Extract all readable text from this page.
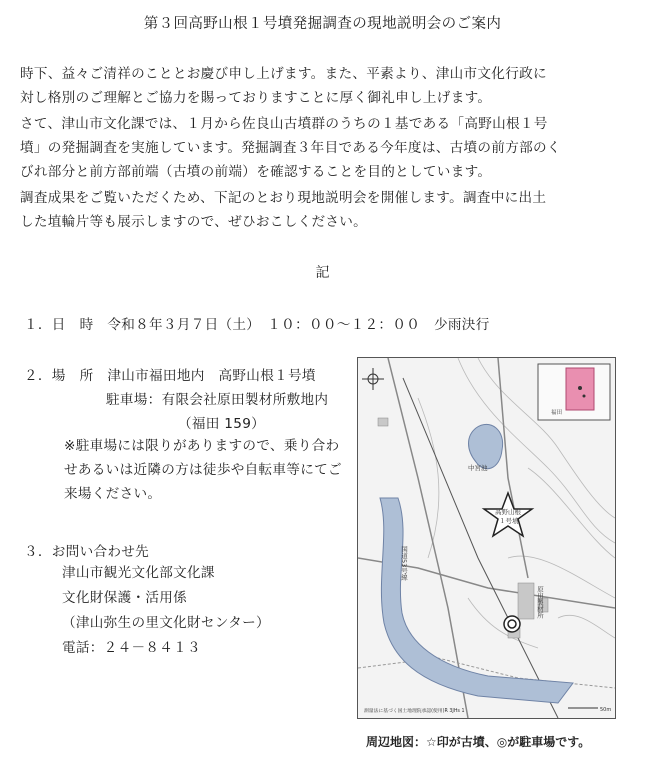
第３回高野山根１号墳発掘調査の現地説明会のご案内
時下、益々ご清祥のこととお慶び申し上げます。また、平素より、津山市文化行政に
対し格別のご理解とご協力を賜っておりますことに厚く御礼申し上げます。
さて、津山市文化課では、１月から佐良山古墳群のうちの１基である「高野山根１号
墳」の発掘調査を実施しています。発掘調査３年目である今年度は、古墳の前方部のく
びれ部分と前方部前端（古墳の前端）を確認することを目的としています。
調査成果をご覧いただくため、下記のとおり現地説明会を開催します。調査中に出土
した埴輪片等も展示しますので、ぜひおこしください。
記
１．日　時　令和８年３月７日（土）　１０：００～１２：００　少雨決行
２．場　所　津山市福田地内　高野山根１号墳
駐車場：有限会社原田製材所敷地内
（福田 159）
※駐車場には限りがありますので、乗り合わ
せあるいは近隣の方は徒歩や自転車等にてご
来場ください。
３．お問い合わせ先
津山市観光文化部文化課
文化財保護・活用係
（津山弥生の里文化財センター）
電話：２４－８４１３
中宮池
高野山根
１号墳
国道53号線
原田製材所
福田
測量法に基づく国土地理院承認(使用)R 3JHs 1	50m
周辺地図：☆印が古墳、◎が駐車場です。
